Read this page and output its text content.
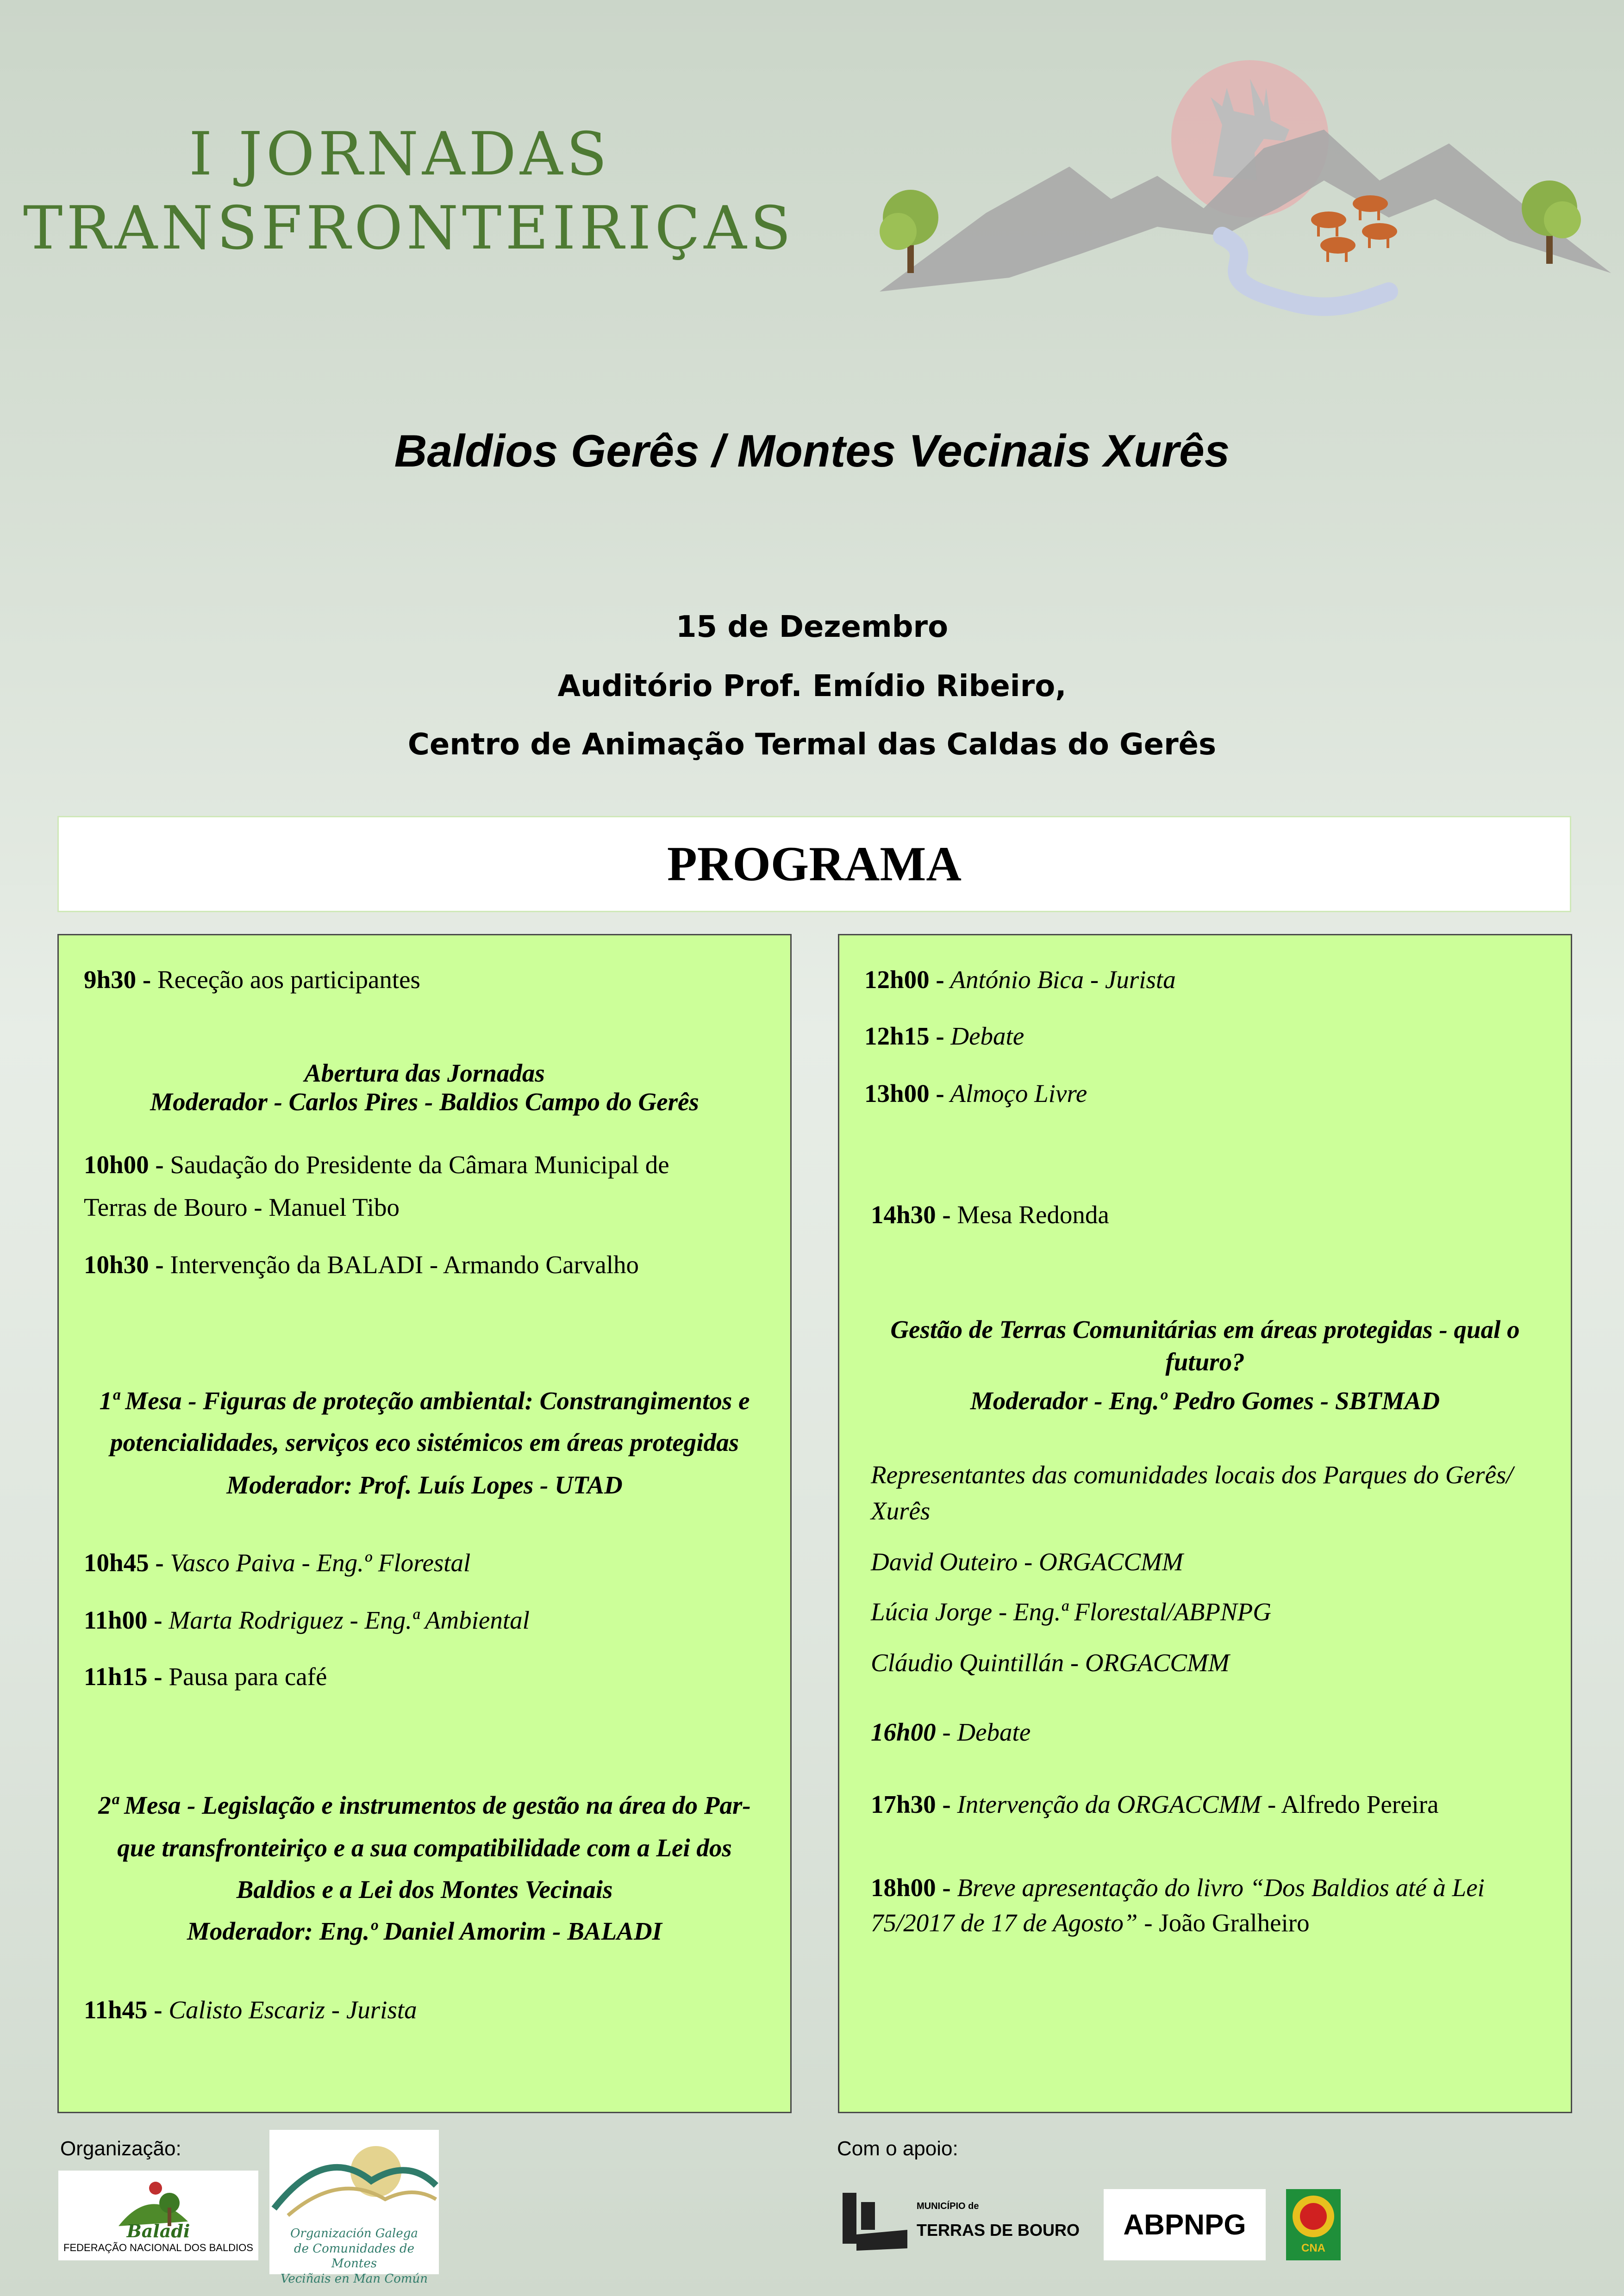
I JORNADAS
TRANSFRONTEIRIÇAS
Baldios Gerês / Montes Vecinais Xurês
15 de Dezembro
Auditório Prof. Emídio Ribeiro,
Centro de Animação Termal das Caldas do Gerês
PROGRAMA
9h30 - Receção aos participantes
Abertura das Jornadas
Moderador - Carlos Pires - Baldios Campo do Gerês
10h00 - Saudação do Presidente da Câmara Municipal de
Terras de Bouro - Manuel Tibo
10h30 - Intervenção da BALADI - Armando Carvalho
1ª Mesa - Figuras de proteção ambiental: Constrangimentos e
potencialidades, serviços eco sistémicos em áreas protegidas
Moderador: Prof. Luís Lopes - UTAD
10h45 - Vasco Paiva - Eng.º Florestal
11h00 - Marta Rodriguez - Eng.ª Ambiental
11h15 - Pausa para café
2ª Mesa - Legislação e instrumentos de gestão na área do Par-
que transfronteiriço e a sua compatibilidade com a Lei dos
Baldios e a Lei dos Montes Vecinais
Moderador: Eng.º Daniel Amorim - BALADI
11h45 - Calisto Escariz - Jurista
12h00 - António Bica - Jurista
12h15 - Debate
13h00 - Almoço Livre
14h30 - Mesa Redonda
Gestão de Terras Comunitárias em áreas protegidas - qual o
futuro?
Moderador - Eng.º Pedro Gomes - SBTMAD
Representantes das comunidades locais dos Parques do Gerês/
Xurês
David Outeiro - ORGACCMM
Lúcia Jorge - Eng.ª Florestal/ABPNPG
Cláudio Quintillán - ORGACCMM
16h00 - Debate
17h30 - Intervenção da ORGACCMM - Alfredo Pereira
18h00 - Breve apresentação do livro “Dos Baldios até à Lei
75/2017 de 17 de Agosto” - João Gralheiro
Organização:	Com o apoio:
Baladi
FEDERAÇÃO NACIONAL DOS BALDIOS
Organización Galega
de Comunidades de Montes
Veciñais en Man Común
MUNICÍPIO de
TERRAS DE BOURO ABPNPG
CNA
